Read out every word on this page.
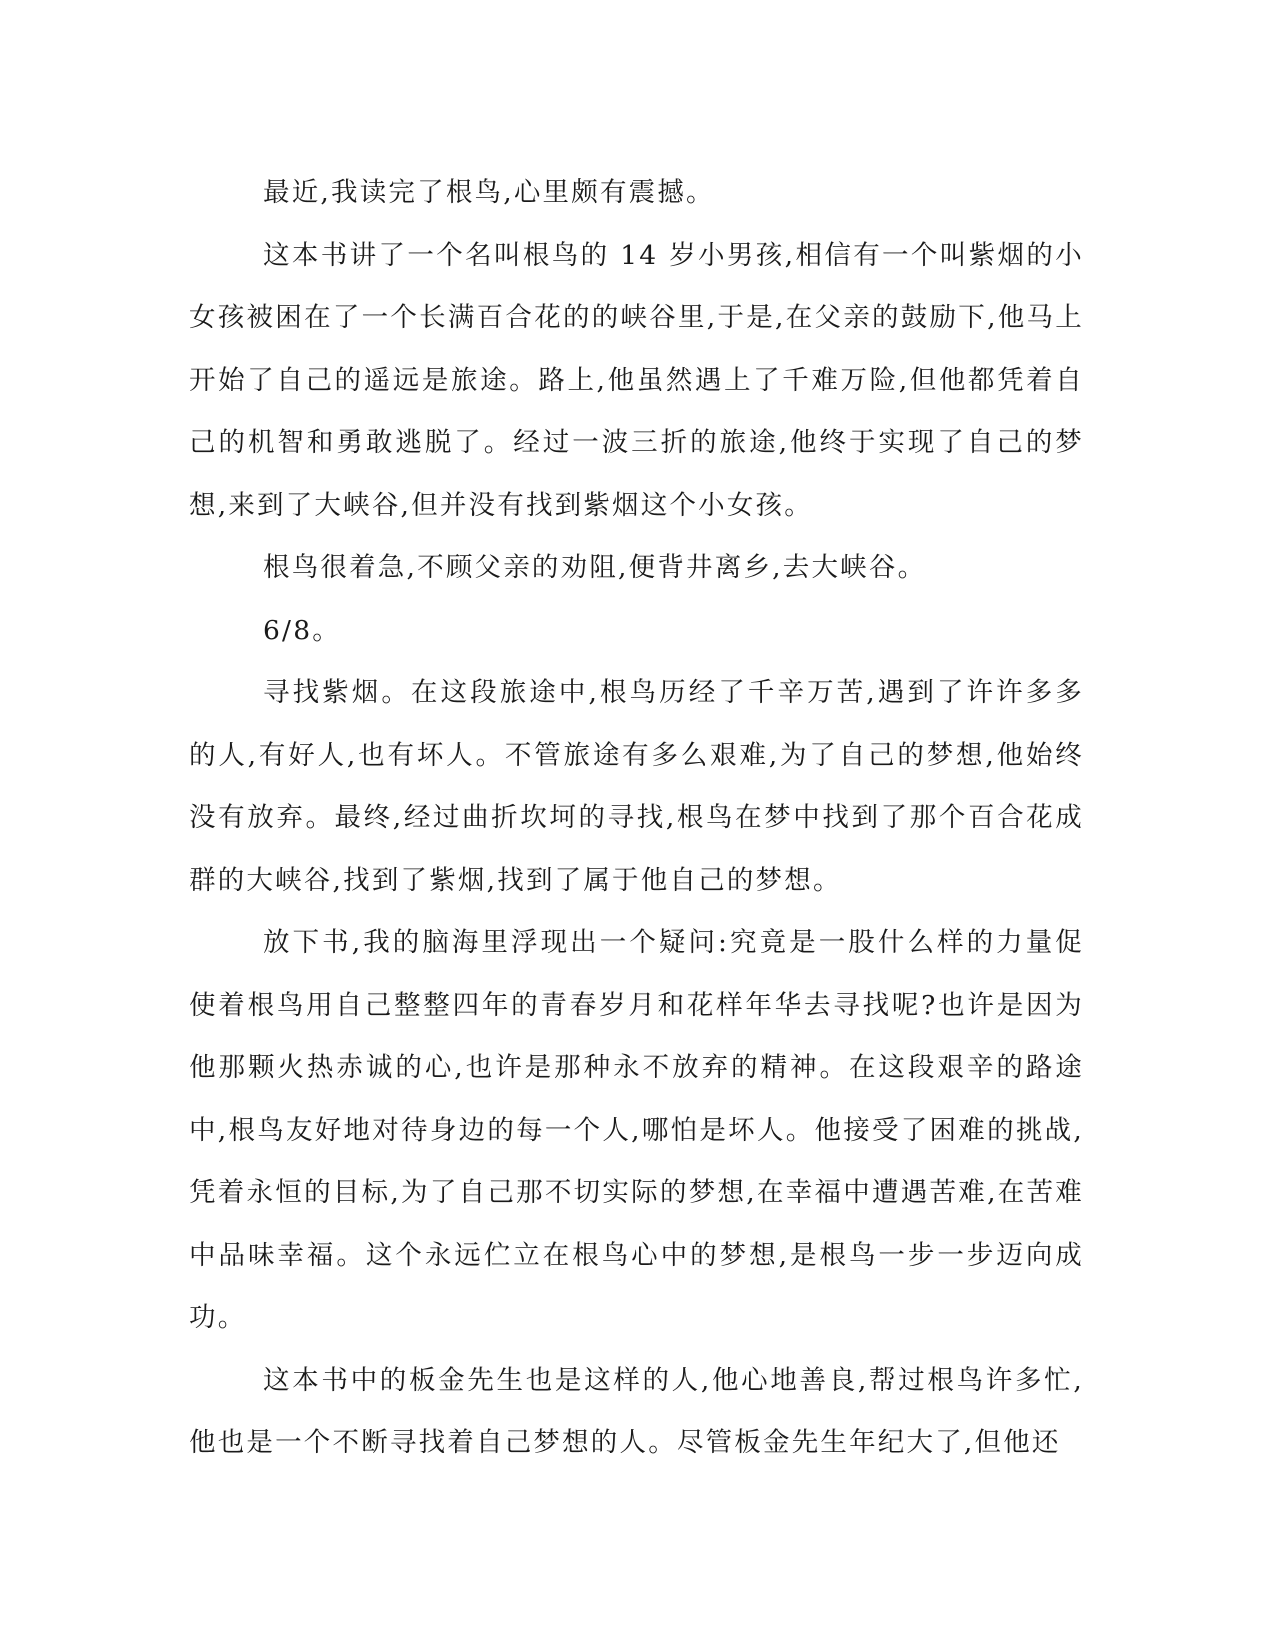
最近,我读完了根鸟,心里颇有震撼。

这本书讲了一个名叫根鸟的 14 岁小男孩,相信有一个叫紫烟的小女孩被困在了一个长满百合花的的峡谷里,于是,在父亲的鼓励下,他马上开始了自己的遥远是旅途。路上,他虽然遇上了千难万险,但他都凭着自己的机智和勇敢逃脱了。经过一波三折的旅途,他终于实现了自己的梦想,来到了大峡谷,但并没有找到紫烟这个小女孩。

根鸟很着急,不顾父亲的劝阻,便背井离乡,去大峡谷。

6/8。

寻找紫烟。在这段旅途中,根鸟历经了千辛万苦,遇到了许许多多的人,有好人,也有坏人。不管旅途有多么艰难,为了自己的梦想,他始终没有放弃。最终,经过曲折坎坷的寻找,根鸟在梦中找到了那个百合花成群的大峡谷,找到了紫烟,找到了属于他自己的梦想。

放下书,我的脑海里浮现出一个疑问:究竟是一股什么样的力量促使着根鸟用自己整整四年的青春岁月和花样年华去寻找呢?也许是因为他那颗火热赤诚的心,也许是那种永不放弃的精神。在这段艰辛的路途中,根鸟友好地对待身边的每一个人,哪怕是坏人。他接受了困难的挑战,凭着永恒的目标,为了自己那不切实际的梦想,在幸福中遭遇苦难,在苦难中品味幸福。这个永远伫立在根鸟心中的梦想,是根鸟一步一步迈向成功。

这本书中的板金先生也是这样的人,他心地善良,帮过根鸟许多忙,他也是一个不断寻找着自己梦想的人。尽管板金先生年纪大了,但他还
